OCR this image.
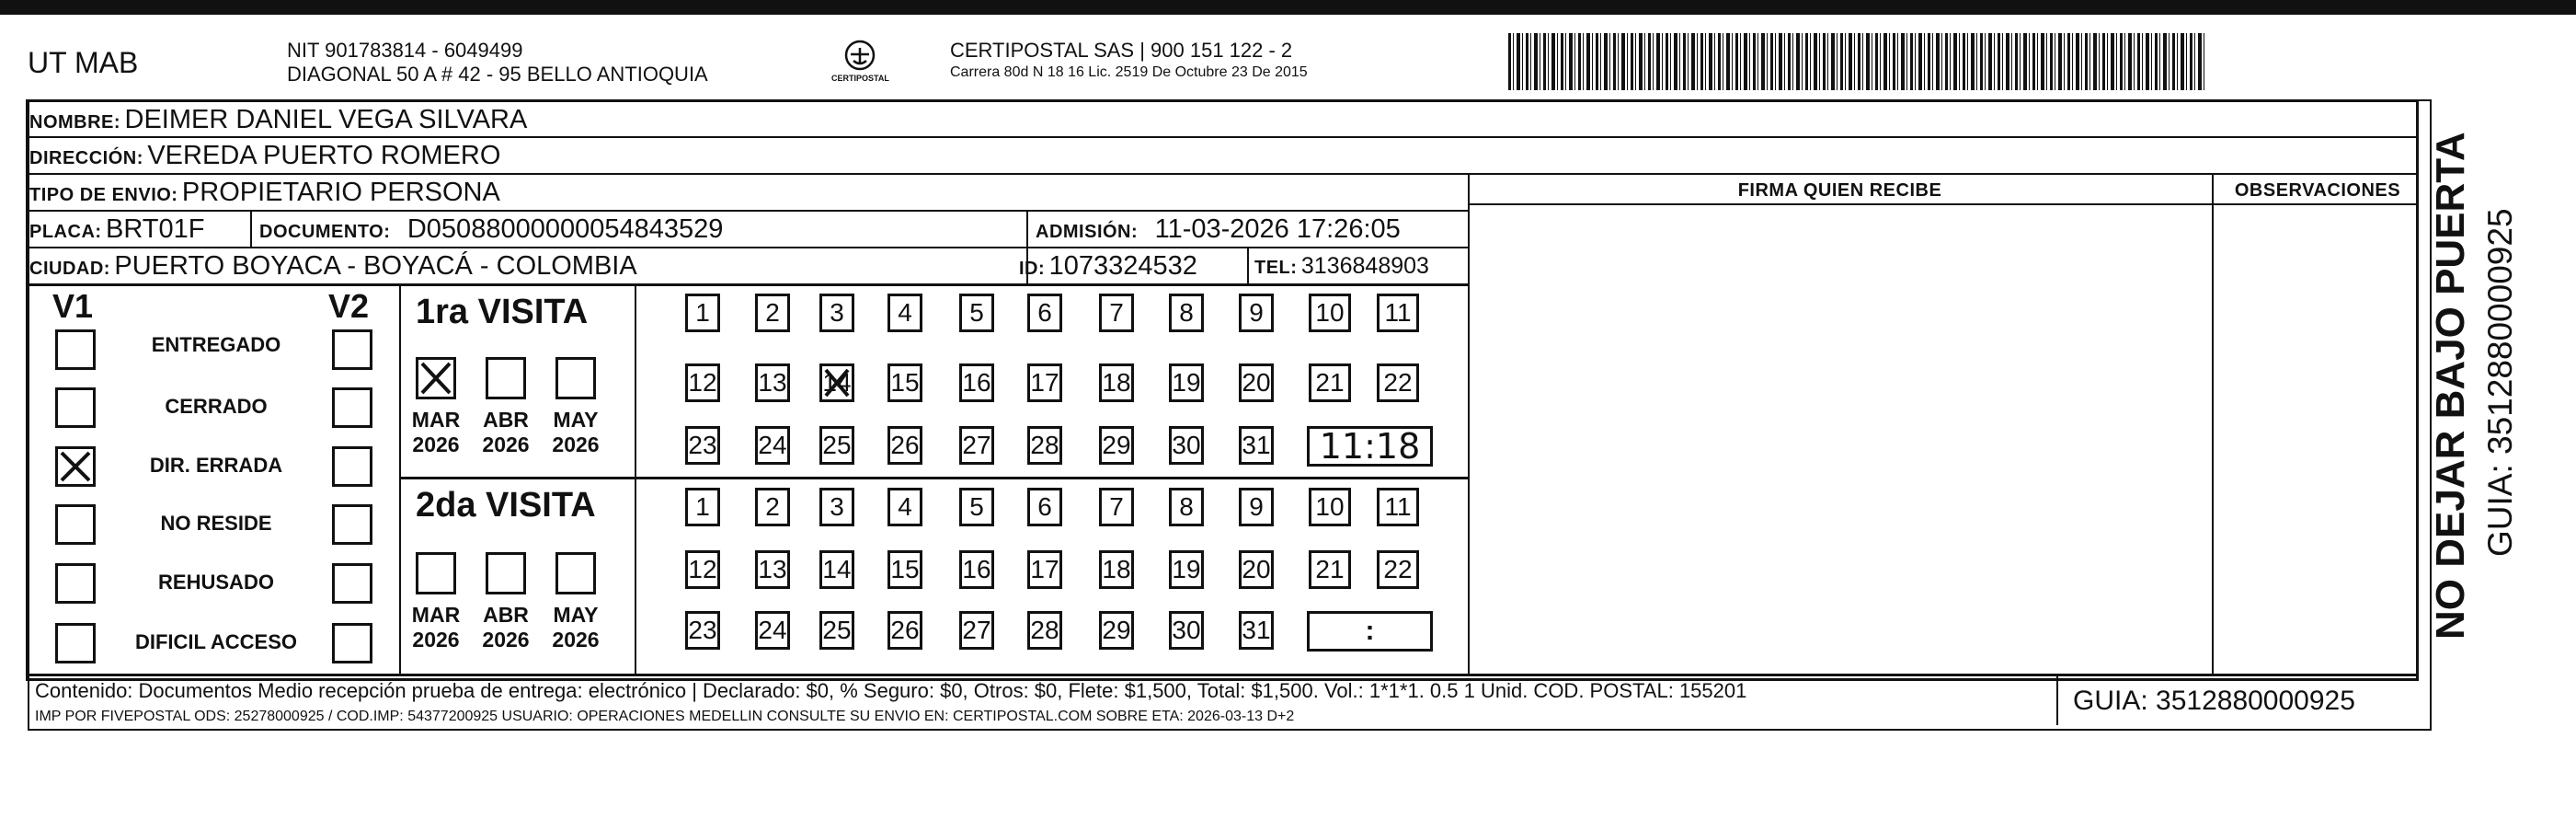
UT MAB	NIT 901783814 - 6049499
DIAGONAL 50 A # 42 - 95 BELLO ANTIOQUIA	CERTIPOSTAL
CERTIPOSTAL SAS | 900 151 122 - 2
Carrera 80d N 18 16 Lic. 2519 De Octubre 23 De 2015
NOMBRE: DEIMER DANIEL VEGA SILVARA
DIRECCIÓN: VEREDA PUERTO ROMERO
TIPO DE ENVIO: PROPIETARIO PERSONA
PLACA: BRT01F	DOCUMENTO: D05088000000054843529	ADMISIÓN: 11-03-2026 17:26:05
CIUDAD: PUERTO BOYACA - BOYACÁ - COLOMBIA	ID: 1073324532	TEL: 3136848903
FIRMA QUIEN RECIBE	OBSERVACIONES
V1	V2
ENTREGADO
CERRADO
DIR. ERRADA
NO RESIDE
REHUSADO
DIFICIL ACCESO
1ra VISITA
2da VISITA
MAR
2026
ABR
2026
MAY
2026
MAR
2026
ABR
2026
MAY
2026
1 2 3 4 5 6 7 8 9 10 11
12 13 14 15 16 17 18 19 20 21 22
23 24 25 26 27 28 29 30 31
1 2 3 4 5 6 7 8 9 10 11
12 13 14 15 16 17 18 19 20 21 22
23 24 25 26 27 28 29 30 31
11:18
:
Contenido: Documentos Medio recepción prueba de entrega: electrónico | Declarado: $0, % Seguro: $0, Otros: $0, Flete: $1,500, Total: $1,500. Vol.: 1*1*1. 0.5 1 Unid. COD. POSTAL: 155201
IMP POR FIVEPOSTAL ODS: 25278000925 / COD.IMP: 54377200925 USUARIO: OPERACIONES MEDELLIN CONSULTE SU ENVIO EN: CERTIPOSTAL.COM SOBRE ETA: 2026-03-13 D+2
GUIA: 3512880000925
NO DEJAR BAJO PUERTA GUIA: 3512880000925
